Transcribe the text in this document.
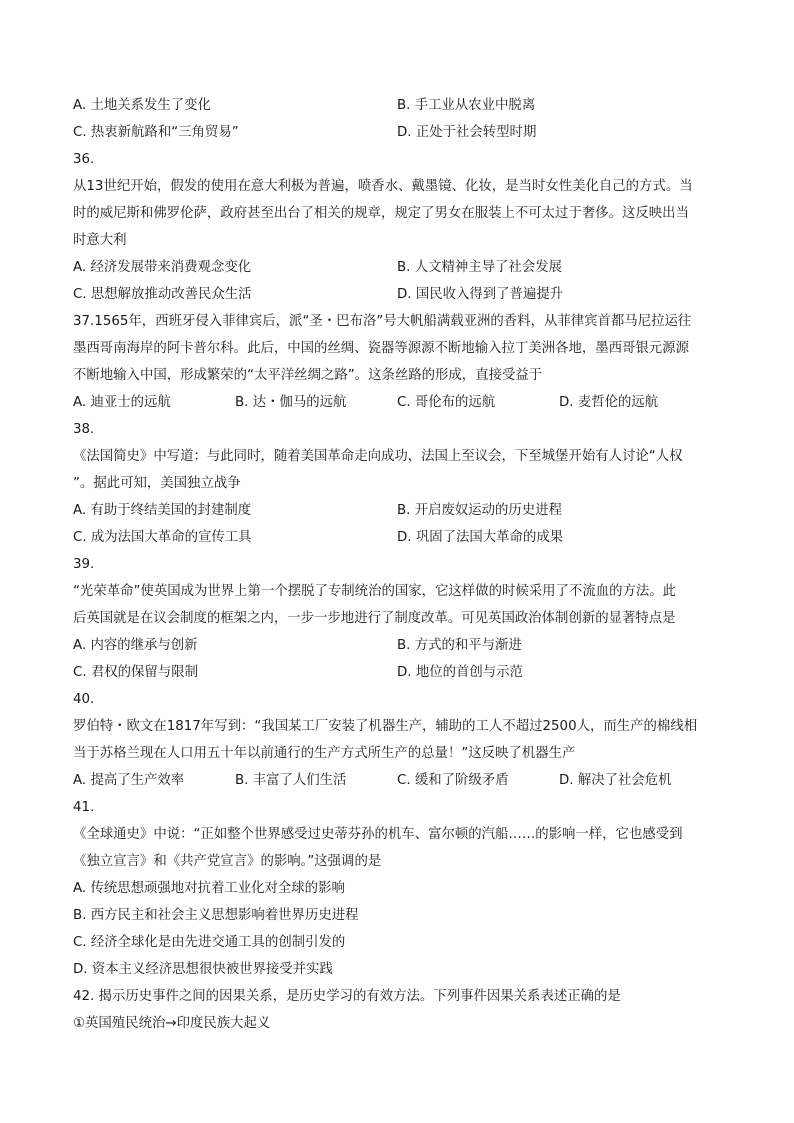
A. 土地关系发生了变化	B. 手工业从农业中脱离
C. 热衷新航路和“三角贸易”	D. 正处于社会转型时期
36.
从13世纪开始，假发的使用在意大利极为普遍，喷香水、戴墨镜、化妆，是当时女性美化自己的方式。当
时的威尼斯和佛罗伦萨，政府甚至出台了相关的规章，规定了男女在服装上不可太过于奢侈。这反映出当
时意大利
A. 经济发展带来消费观念变化	B. 人文精神主导了社会发展
C. 思想解放推动改善民众生活	D. 国民收入得到了普遍提升
37.1565年，西班牙侵入菲律宾后，派“圣・巴布洛”号大帆船满载亚洲的香料，从菲律宾首都马尼拉运往
墨西哥南海岸的阿卡普尔科。此后，中国的丝绸、瓷器等源源不断地输入拉丁美洲各地，墨西哥银元源源
不断地输入中国，形成繁荣的“太平洋丝绸之路”。这条丝路的形成，直接受益于
A. 迪亚士的远航	B. 达・伽马的远航	C. 哥伦布的远航	D. 麦哲伦的远航
38.
《法国简史》中写道：与此同时，随着美国革命走向成功，法国上至议会，下至城堡开始有人讨论“人权
”。据此可知，美国独立战争
A. 有助于终结美国的封建制度	B. 开启废奴运动的历史进程
C. 成为法国大革命的宣传工具	D. 巩固了法国大革命的成果
39.
“光荣革命”使英国成为世界上第一个摆脱了专制统治的国家，它这样做的时候采用了不流血的方法。此
后英国就是在议会制度的框架之内，一步一步地进行了制度改革。可见英国政治体制创新的显著特点是
A. 内容的继承与创新	B. 方式的和平与渐进
C. 君权的保留与限制	D. 地位的首创与示范
40.
罗伯特・欧文在1817年写到：“我国某工厂安装了机器生产，辅助的工人不超过2500人，而生产的棉线相
当于苏格兰现在人口用五十年以前通行的生产方式所生产的总量！”这反映了机器生产
A. 提高了生产效率	B. 丰富了人们生活	C. 缓和了阶级矛盾	D. 解决了社会危机
41.
《全球通史》中说：“正如整个世界感受过史蒂芬孙的机车、富尔顿的汽船……的影响一样，它也感受到
《独立宣言》和《共产党宣言》的影响。”这强调的是
A. 传统思想顽强地对抗着工业化对全球的影响
B. 西方民主和社会主义思想影响着世界历史进程
C. 经济全球化是由先进交通工具的创制引发的
D. 资本主义经济思想很快被世界接受并实践
42. 揭示历史事件之间的因果关系，是历史学习的有效方法。下列事件因果关系表述正确的是
①英国殖民统治→印度民族大起义
